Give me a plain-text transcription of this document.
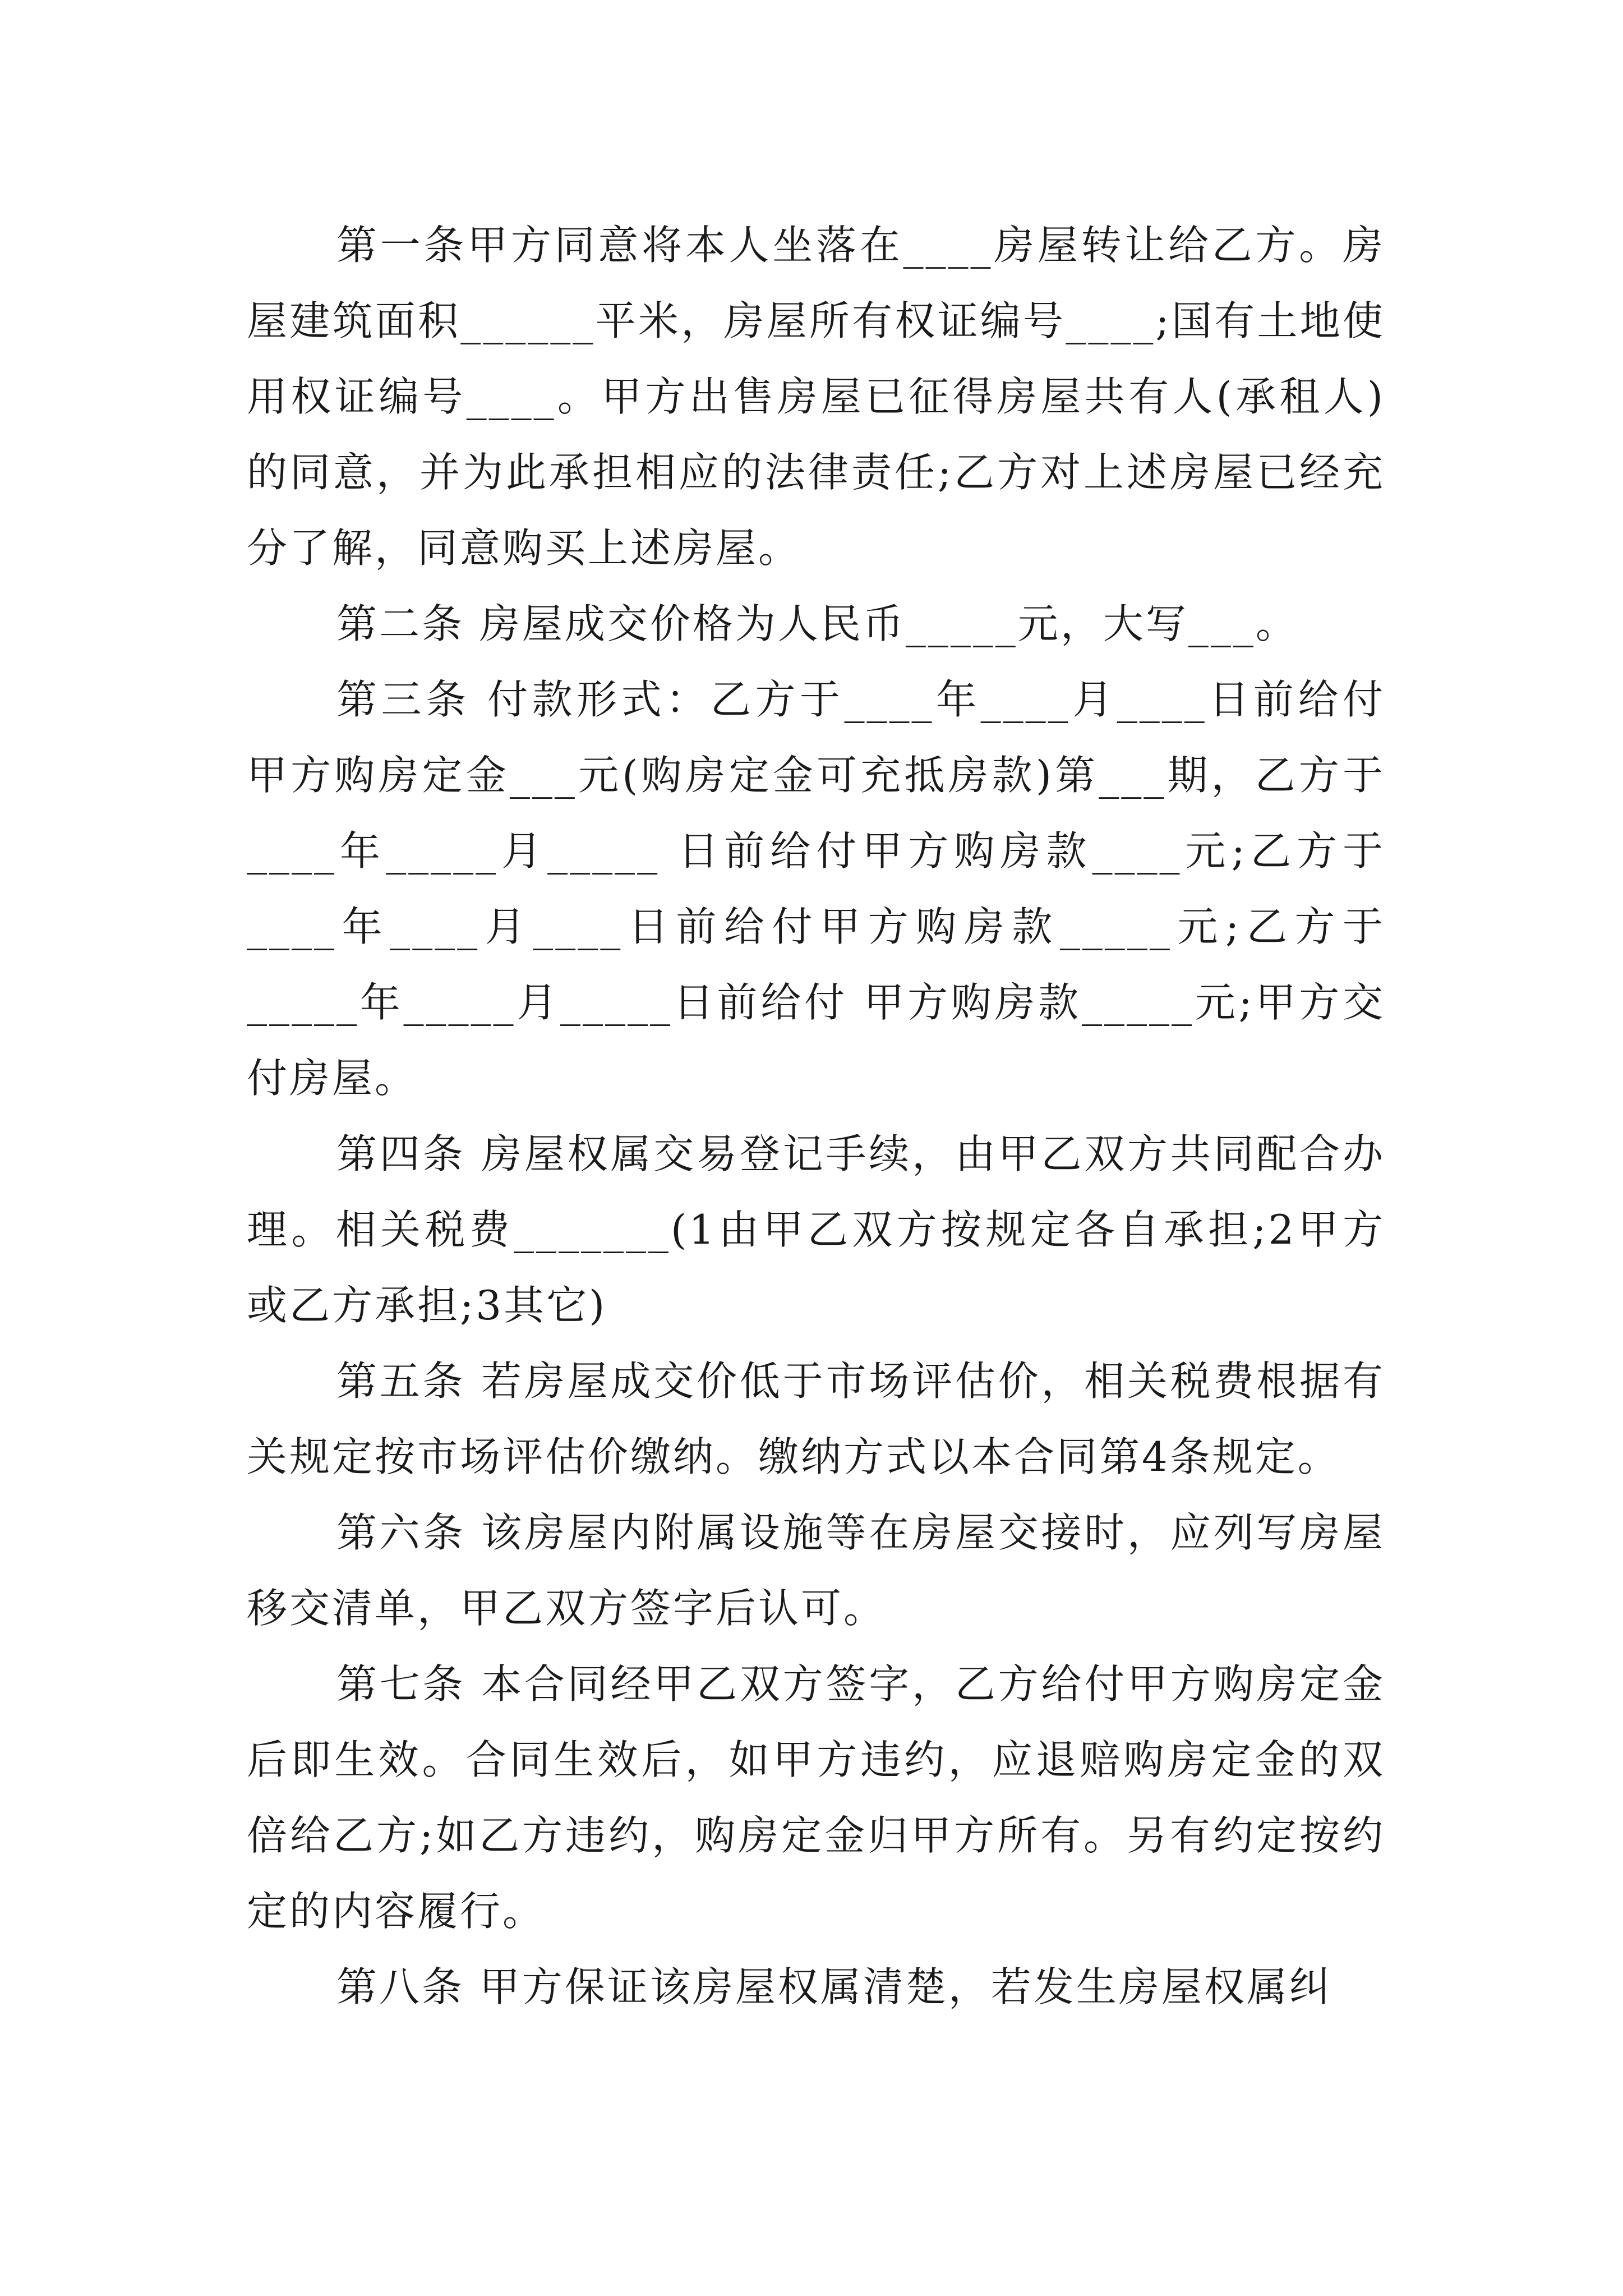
第一条甲方同意将本人坐落在____房屋转让给乙方。房屋建筑面积______平米，房屋所有权证编号____;国有土地使用权证编号____。甲方出售房屋已征得房屋共有人(承租人)的同意，并为此承担相应的法律责任;乙方对上述房屋已经充分了解，同意购买上述房屋。

第二条 房屋成交价格为人民币_____元，大写___。

第三条 付款形式：乙方于____年____月____日前给付甲方购房定金___元(购房定金可充抵房款)第___期，乙方于____年_____月_____ 日前给付甲方购房款____元;乙方于____年____月____日前给付甲方购房款_____元;乙方于_____年_____月_____日前给付 甲方购房款_____元;甲方交付房屋。

第四条 房屋权属交易登记手续，由甲乙双方共同配合办理。相关税费_______(1由甲乙双方按规定各自承担;2甲方或乙方承担;3其它)

第五条 若房屋成交价低于市场评估价，相关税费根据有关规定按市场评估价缴纳。缴纳方式以本合同第4条规定。

第六条 该房屋内附属设施等在房屋交接时，应列写房屋移交清单，甲乙双方签字后认可。

第七条 本合同经甲乙双方签字，乙方给付甲方购房定金后即生效。合同生效后，如甲方违约，应退赔购房定金的双倍给乙方;如乙方违约，购房定金归甲方所有。另有约定按约定的内容履行。

第八条 甲方保证该房屋权属清楚，若发生房屋权属纠
